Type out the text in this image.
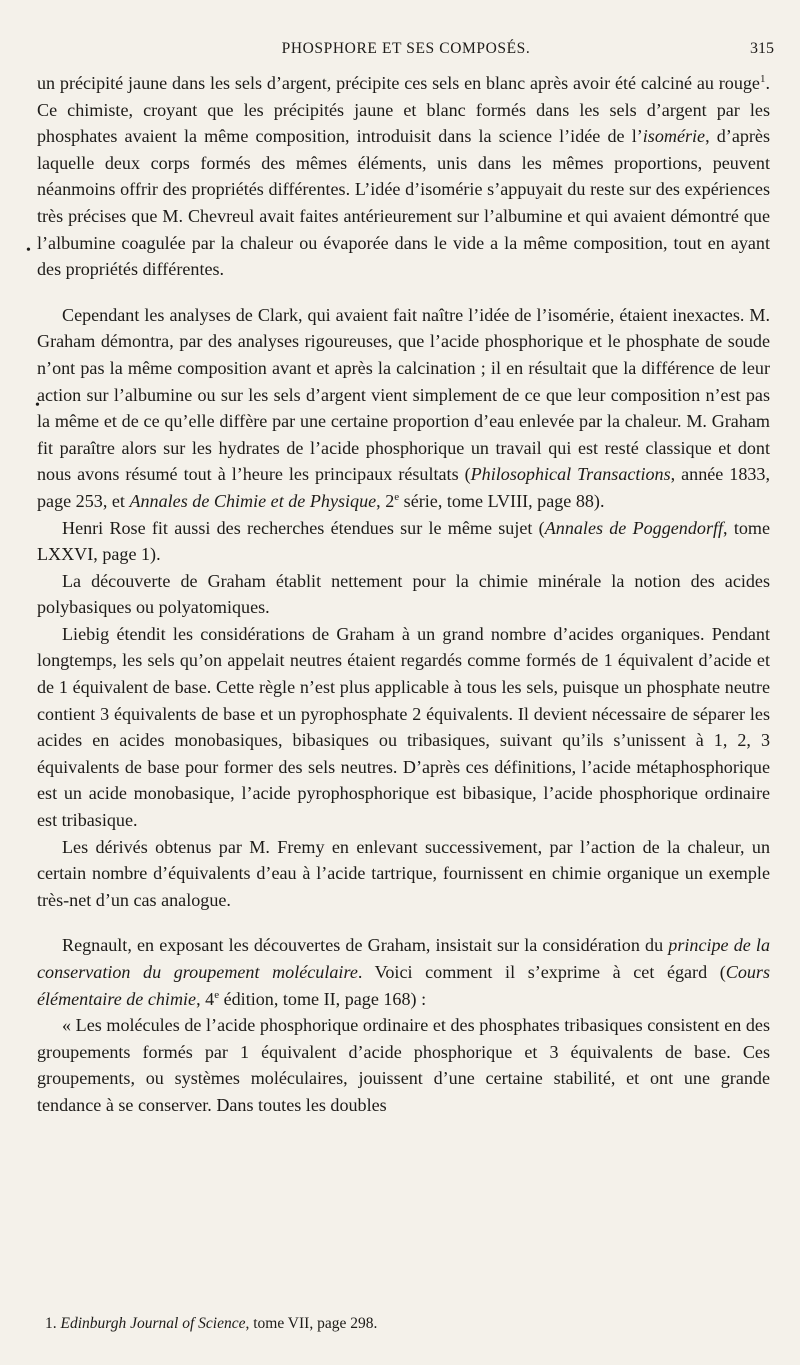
PHOSPHORE ET SES COMPOSÉS.	315
•
•

un précipité jaune dans les sels d’argent, précipite ces sels en blanc après avoir été calciné au rouge$^1$. Ce chimiste, croyant que les précipités jaune et blanc formés dans les sels d’argent par les phosphates avaient la même composition, introduisit dans la science l’idée de l’isomérie, d’après laquelle deux corps formés des mêmes éléments, unis dans les mêmes proportions, peuvent néanmoins offrir des propriétés différentes. L’idée d’isomérie s’appuyait du reste sur des expériences très précises que M. Chevreul avait faites antérieurement sur l’albumine et qui avaient démontré que l’albumine coagulée par la chaleur ou évaporée dans le vide a la même composition, tout en ayant des propriétés différentes.

Cependant les analyses de Clark, qui avaient fait naître l’idée de l’isomérie, étaient inexactes. M. Graham démontra, par des analyses rigoureuses, que l’acide phosphorique et le phosphate de soude n’ont pas la même composition avant et après la calcination ; il en résultait que la différence de leur action sur l’albumine ou sur les sels d’argent vient simplement de ce que leur composition n’est pas la même et de ce qu’elle diffère par une certaine proportion d’eau enlevée par la chaleur. M. Graham fit paraître alors sur les hydrates de l’acide phosphorique un travail qui est resté classique et dont nous avons résumé tout à l’heure les principaux résultats (Philosophical Transactions, année 1833, page 253, et Annales de Chimie et de Physique, 2e série, tome LVIII, page 88).

Henri Rose fit aussi des recherches étendues sur le même sujet (Annales de Poggendorff, tome LXXVI, page 1).

La découverte de Graham établit nettement pour la chimie minérale la notion des acides polybasiques ou polyatomiques.

Liebig étendit les considérations de Graham à un grand nombre d’acides organiques. Pendant longtemps, les sels qu’on appelait neutres étaient regardés comme formés de 1 équivalent d’acide et de 1 équivalent de base. Cette règle n’est plus applicable à tous les sels, puisque un phosphate neutre contient 3 équivalents de base et un pyrophosphate 2 équivalents. Il devient nécessaire de séparer les acides en acides monobasiques, bibasiques ou tribasiques, suivant qu’ils s’unissent à 1, 2, 3 équivalents de base pour former des sels neutres. D’après ces définitions, l’acide métaphosphorique est un acide monobasique, l’acide pyrophosphorique est bibasique, l’acide phosphorique ordinaire est tribasique.

Les dérivés obtenus par M. Fremy en enlevant successivement, par l’action de la chaleur, un certain nombre d’équivalents d’eau à l’acide tartrique, fournissent en chimie organique un exemple très-net d’un cas analogue.

Regnault, en exposant les découvertes de Graham, insistait sur la considération du principe de la conservation du groupement moléculaire. Voici comment il s’exprime à cet égard (Cours élémentaire de chimie, 4e édition, tome II, page 168) :

« Les molécules de l’acide phosphorique ordinaire et des phosphates tribasiques consistent en des groupements formés par 1 équivalent d’acide phosphorique et 3 équivalents de base. Ces groupements, ou systèmes moléculaires, jouissent d’une certaine stabilité, et ont une grande tendance à se conserver. Dans toutes les doubles

1. Edinburgh Journal of Science, tome VII, page 298.
